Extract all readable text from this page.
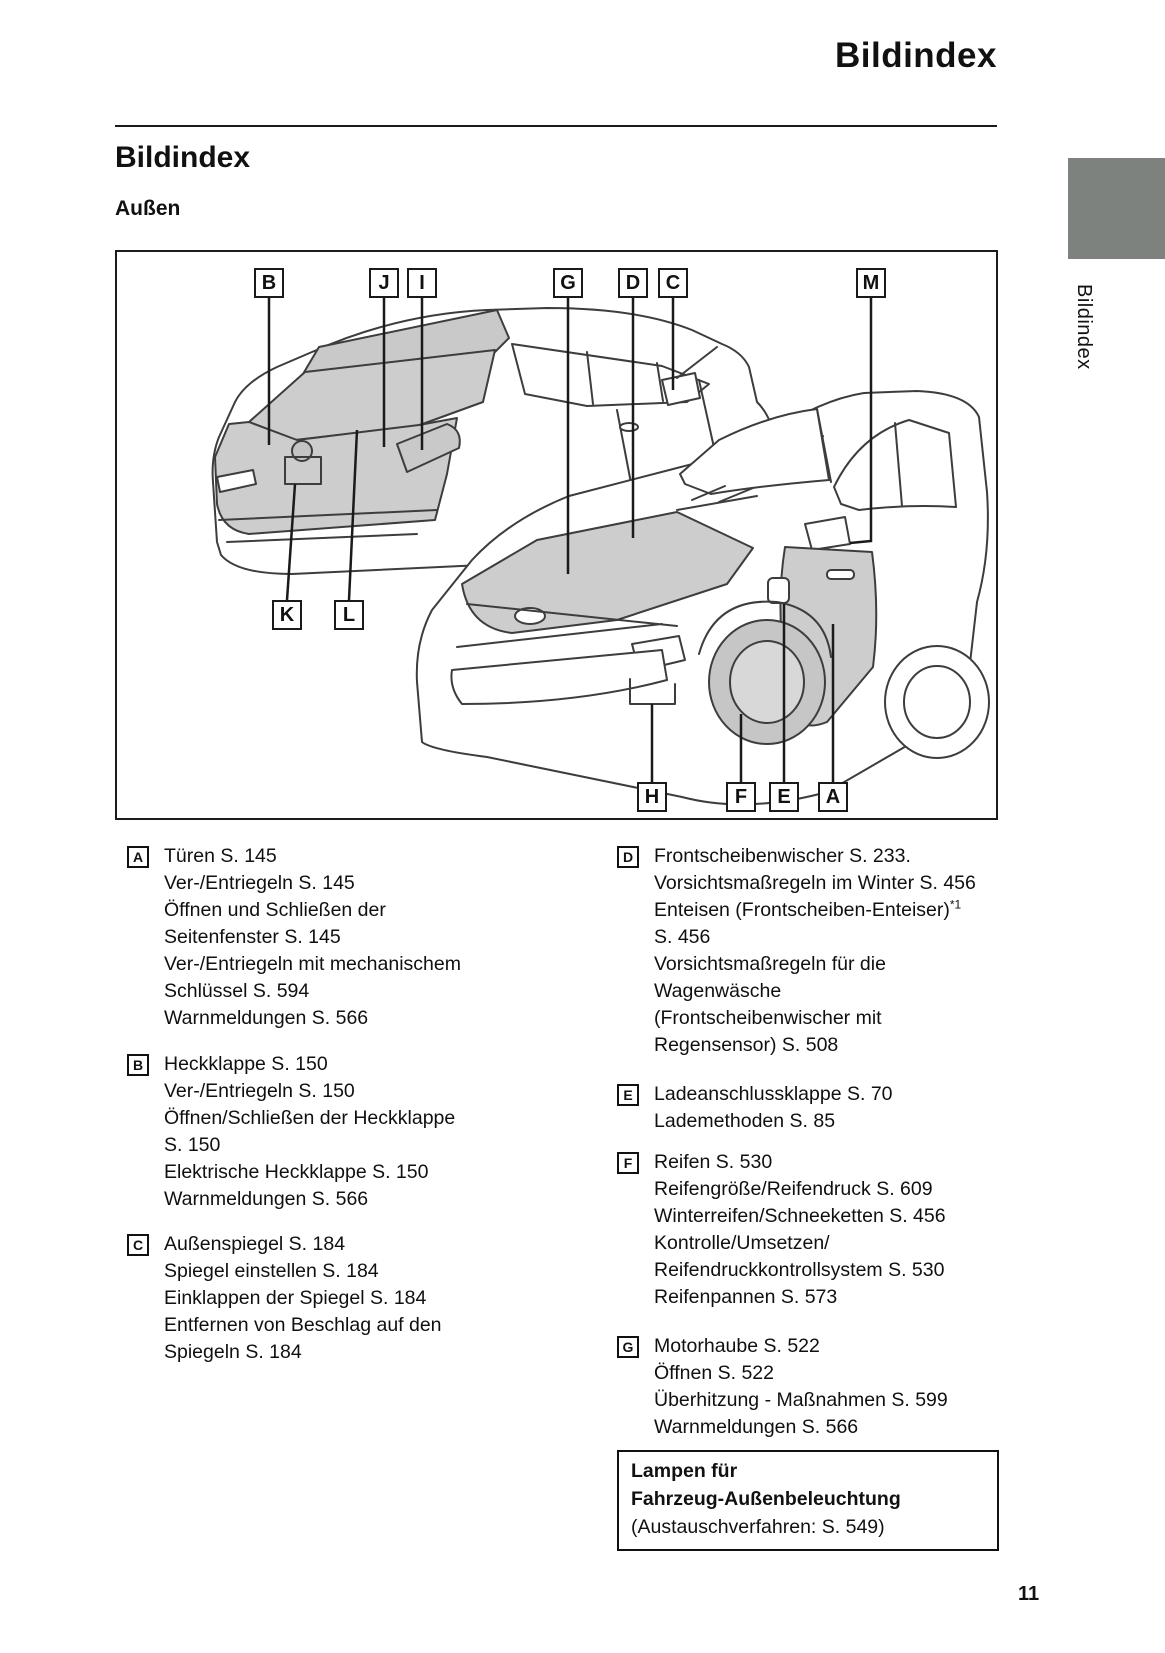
Bildindex
Bildindex
Außen
Bildindex
B	J	I	G	D	C	M
K	L
H	F	E	A
A	Türen S. 145
Ver-/Entriegeln S. 145
Öffnen und Schließen der
Seitenfenster S. 145
Ver-/Entriegeln mit mechanischem
Schlüssel S. 594
Warnmeldungen S. 566
B	Heckklappe S. 150
Ver-/Entriegeln S. 150
Öffnen/Schließen der Heckklappe
S. 150
Elektrische Heckklappe S. 150
Warnmeldungen S. 566
C	Außenspiegel S. 184
Spiegel einstellen S. 184
Einklappen der Spiegel S. 184
Entfernen von Beschlag auf den
Spiegeln S. 184
D	Frontscheibenwischer S. 233.
Vorsichtsmaßregeln im Winter S. 456
Enteisen (Frontscheiben-Enteiser)$^{*1}$
S. 456
Vorsichtsmaßregeln für die
Wagenwäsche
(Frontscheibenwischer mit
Regensensor) S. 508
E	Ladeanschlussklappe S. 70
Lademethoden S. 85
F	Reifen S. 530
Reifengröße/Reifendruck S. 609
Winterreifen/Schneeketten S. 456
Kontrolle/Umsetzen/
Reifendruckkontrollsystem S. 530
Reifenpannen S. 573
G Motorhaube S. 522
Öffnen S. 522
Überhitzung - Maßnahmen S. 599
Warnmeldungen S. 566
Lampen für
Fahrzeug-Außenbeleuchtung
(Austauschverfahren: S. 549)
11
